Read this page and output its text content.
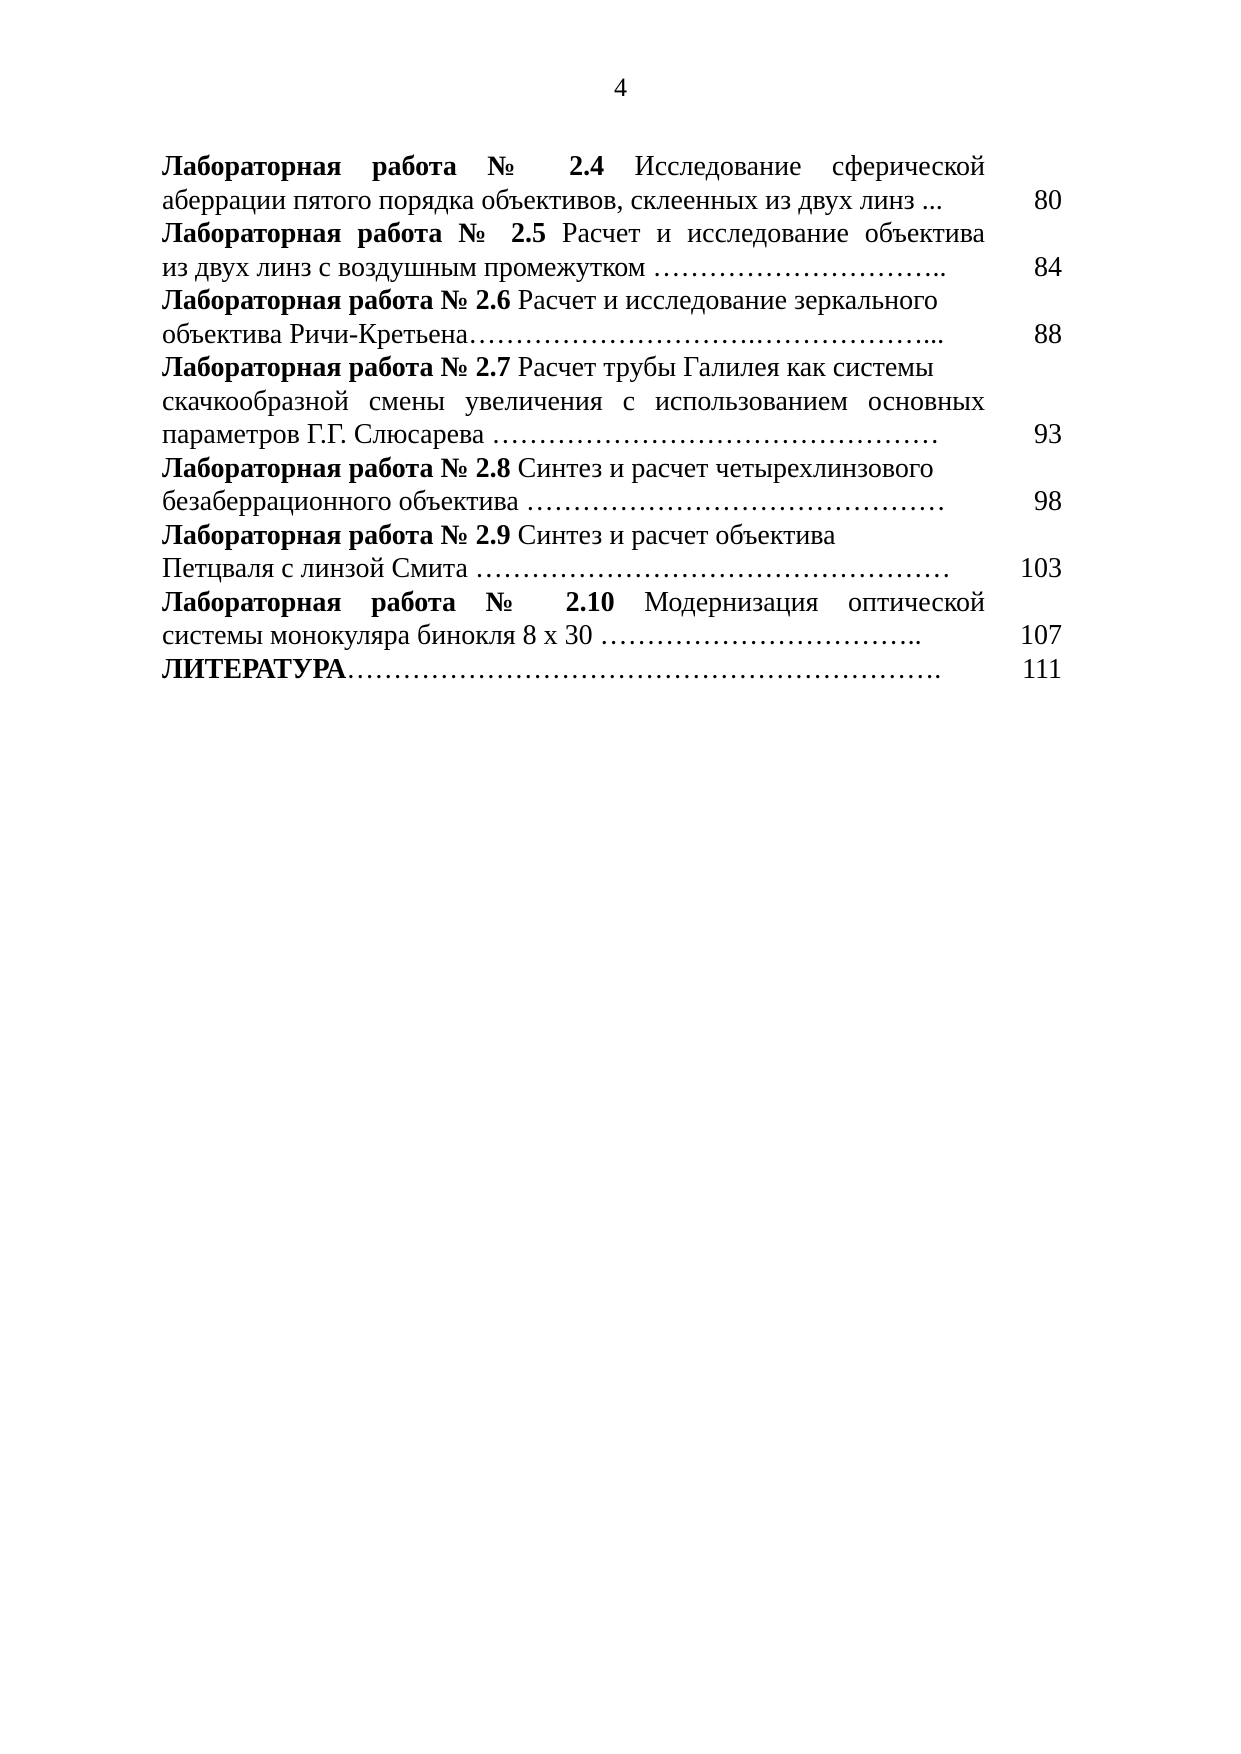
4
Лабораторная работа № 2.4 Исследование сферической
аберрации пятого порядка объективов, склеенных из двух линз ...	80
Лабораторная работа № 2.5 Расчет и исследование объектива
из двух линз с воздушным промежутком …………………………..	84
Лабораторная работа № 2.6 Расчет и исследование зеркального
объектива Ричи-Кретьена………………………….………………...	88
Лабораторная работа № 2.7 Расчет трубы Галилея как системы
скачкообразной смены увеличения с использованием основных
параметров Г.Г. Слюсарева …………………………………………	93
Лабораторная работа № 2.8 Синтез и расчет четырехлинзового
безаберрационного объектива ………………………………………	98
Лабораторная работа № 2.9 Синтез и расчет объектива
Петцваля с линзой Смита ……………………………………………	103
Лабораторная работа № 2.10 Модернизация оптической
системы монокуляра бинокля 8 х 30 ……………………………..	107
ЛИТЕРАТУРА……………………………………………………….	111
